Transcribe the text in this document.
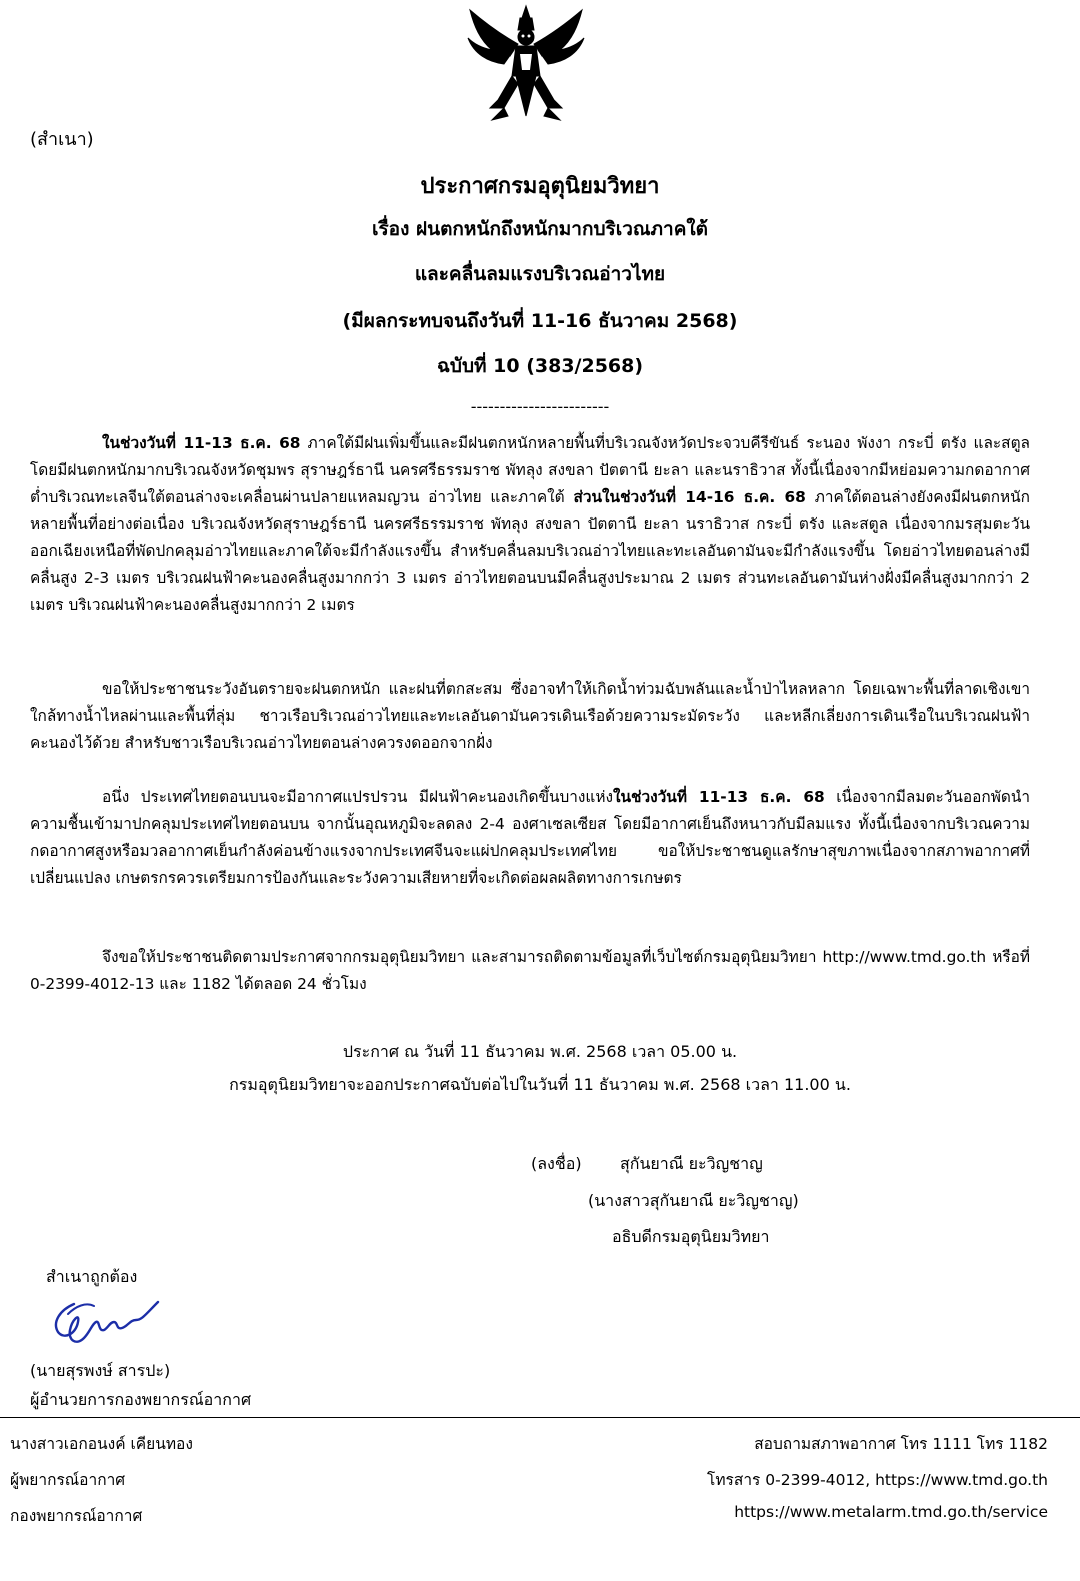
(สำเนา)
ประกาศกรมอุตุนิยมวิทยา
เรื่อง ฝนตกหนักถึงหนักมากบริเวณภาคใต้
และคลื่นลมแรงบริเวณอ่าวไทย
(มีผลกระทบจนถึงวันที่ 11-16 ธันวาคม 2568)
ฉบับที่ 10 (383/2568)
------------------------
ในช่วงวันที่ 11-13 ธ.ค. 68 ภาคใต้มีฝนเพิ่มขึ้นและมีฝนตกหนักหลายพื้นที่บริเวณจังหวัดประจวบคีรีขันธ์ ระนอง พังงา กระบี่ ตรัง และสตูล โดยมีฝนตกหนักมากบริเวณจังหวัดชุมพร สุราษฎร์ธานี นครศรีธรรมราช พัทลุง สงขลา ปัตตานี ยะลา และนราธิวาส ทั้งนี้เนื่องจากมีหย่อมความกดอากาศต่ำบริเวณทะเลจีนใต้ตอนล่างจะเคลื่อนผ่านปลายแหลมญวน อ่าวไทย และภาคใต้ ส่วนในช่วงวันที่ 14-16 ธ.ค. 68 ภาคใต้ตอนล่างยังคงมีฝนตกหนักหลายพื้นที่อย่างต่อเนื่อง บริเวณจังหวัดสุราษฎร์ธานี นครศรีธรรมราช พัทลุง สงขลา ปัตตานี ยะลา นราธิวาส กระบี่ ตรัง และสตูล เนื่องจากมรสุมตะวันออกเฉียงเหนือที่พัดปกคลุมอ่าวไทยและภาคใต้จะมีกำลังแรงขึ้น สำหรับคลื่นลมบริเวณอ่าวไทยและทะเลอันดามันจะมีกำลังแรงขึ้น โดยอ่าวไทยตอนล่างมีคลื่นสูง 2-3 เมตร บริเวณฝนฟ้าคะนองคลื่นสูงมากกว่า 3 เมตร อ่าวไทยตอนบนมีคลื่นสูงประมาณ 2 เมตร ส่วนทะเลอันดามันห่างฝั่งมีคลื่นสูงมากกว่า 2 เมตร บริเวณฝนฟ้าคะนองคลื่นสูงมากกว่า 2 เมตร
ขอให้ประชาชนระวังอันตรายจะฝนตกหนัก และฝนที่ตกสะสม ซึ่งอาจทำให้เกิดน้ำท่วมฉับพลันและน้ำป่าไหลหลาก โดยเฉพาะพื้นที่ลาดเชิงเขาใกล้ทางน้ำไหลผ่านและพื้นที่ลุ่ม ชาวเรือบริเวณอ่าวไทยและทะเลอันดามันควรเดินเรือด้วยความระมัดระวัง และหลีกเลี่ยงการเดินเรือในบริเวณฝนฟ้าคะนองไว้ด้วย สำหรับชาวเรือบริเวณอ่าวไทยตอนล่างควรงดออกจากฝั่ง
อนึ่ง ประเทศไทยตอนบนจะมีอากาศแปรปรวน มีฝนฟ้าคะนองเกิดขึ้นบางแห่งในช่วงวันที่ 11-13 ธ.ค. 68 เนื่องจากมีลมตะวันออกพัดนำความชื้นเข้ามาปกคลุมประเทศไทยตอนบน จากนั้นอุณหภูมิจะลดลง 2-4 องศาเซลเซียส โดยมีอากาศเย็นถึงหนาวกับมีลมแรง ทั้งนี้เนื่องจากบริเวณความกดอากาศสูงหรือมวลอากาศเย็นกำลังค่อนข้างแรงจากประเทศจีนจะแผ่ปกคลุมประเทศไทย ขอให้ประชาชนดูแลรักษาสุขภาพเนื่องจากสภาพอากาศที่เปลี่ยนแปลง เกษตรกรควรเตรียมการป้องกันและระวังความเสียหายที่จะเกิดต่อผลผลิตทางการเกษตร
จึงขอให้ประชาชนติดตามประกาศจากกรมอุตุนิยมวิทยา และสามารถติดตามข้อมูลที่เว็บไซต์กรมอุตุนิยมวิทยา http://www.tmd.go.th หรือที่ 0-2399-4012-13 และ 1182 ได้ตลอด 24 ชั่วโมง
ประกาศ ณ วันที่ 11 ธันวาคม พ.ศ. 2568 เวลา 05.00 น.
กรมอุตุนิยมวิทยาจะออกประกาศฉบับต่อไปในวันที่ 11 ธันวาคม พ.ศ. 2568 เวลา 11.00 น.
(ลงชื่อ) สุกันยาณี ยะวิญชาญ
(นางสาวสุกันยาณี ยะวิญชาญ)
อธิบดีกรมอุตุนิยมวิทยา
สำเนาถูกต้อง
(นายสุรพงษ์ สารปะ)
ผู้อำนวยการกองพยากรณ์อากาศ
นางสาวเอกอนงค์ เคียนทอง
ผู้พยากรณ์อากาศ
กองพยากรณ์อากาศ
สอบถามสภาพอากาศ โทร 1111 โทร 1182
โทรสาร 0-2399-4012, https://www.tmd.go.th
https://www.metalarm.tmd.go.th/service
